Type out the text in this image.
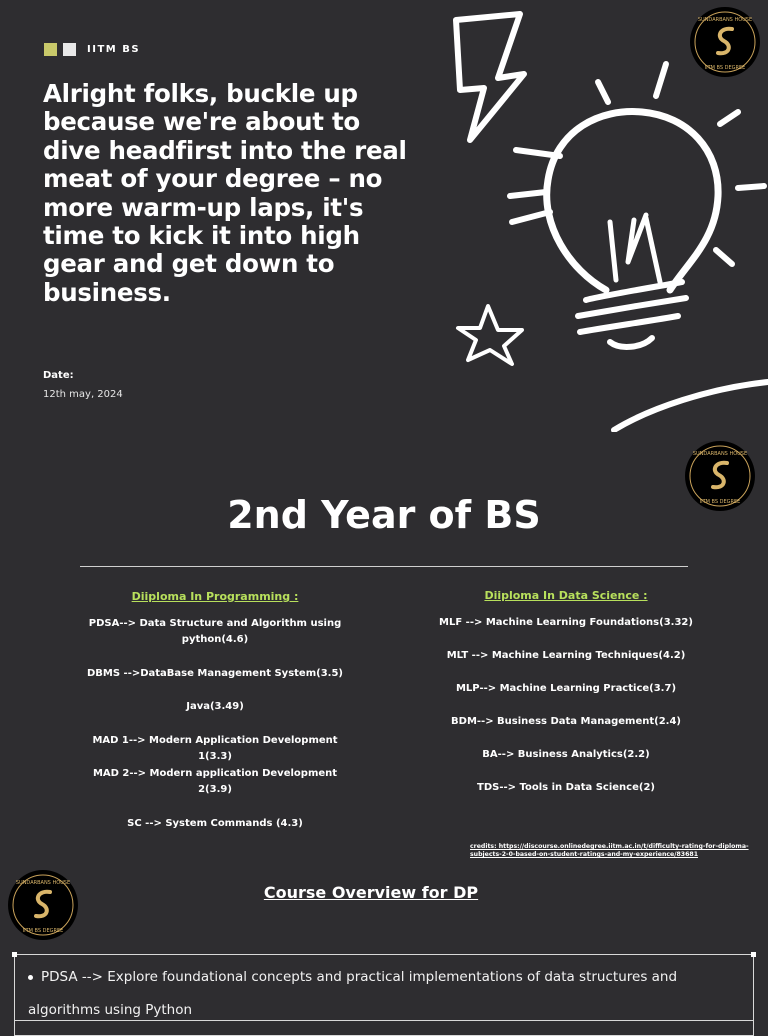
IITM BS
Alright folks, buckle up because we're about to dive headfirst into the real meat of your degree – no more warm-up laps, it's time to kick it into high gear and get down to business.
Date:
12th may, 2024
SUNDARBANS HOUSE
IITM BS DEGREE
SUNDARBANS HOUSE
IITM BS DEGREE
SUNDARBANS HOUSE
IITM BS DEGREE
2nd Year of BS
Diiploma In Programming :
PDSA--> Data Structure and Algorithm using python(4.6)
DBMS -->DataBase Management System(3.5)
Java(3.49)
MAD 1--> Modern Application Development 1(3.3)
MAD 2--> Modern application Development 2(3.9)
SC --> System Commands (4.3)
Diiploma In Data Science :
MLF --> Machine Learning Foundations(3.32)
MLT --> Machine Learning Techniques(4.2)
MLP--> Machine Learning Practice(3.7)
BDM--> Business Data Management(2.4)
BA--> Business Analytics(2.2)
TDS--> Tools in Data Science(2)
credits: https://discourse.onlinedegree.iitm.ac.in/t/difficulty-rating-for-diploma-subjects-2-0-based-on-student-ratings-and-my-experience/83681
Course Overview for DP
PDSA --> Explore foundational concepts and practical implementations of data structures and algorithms using Python
